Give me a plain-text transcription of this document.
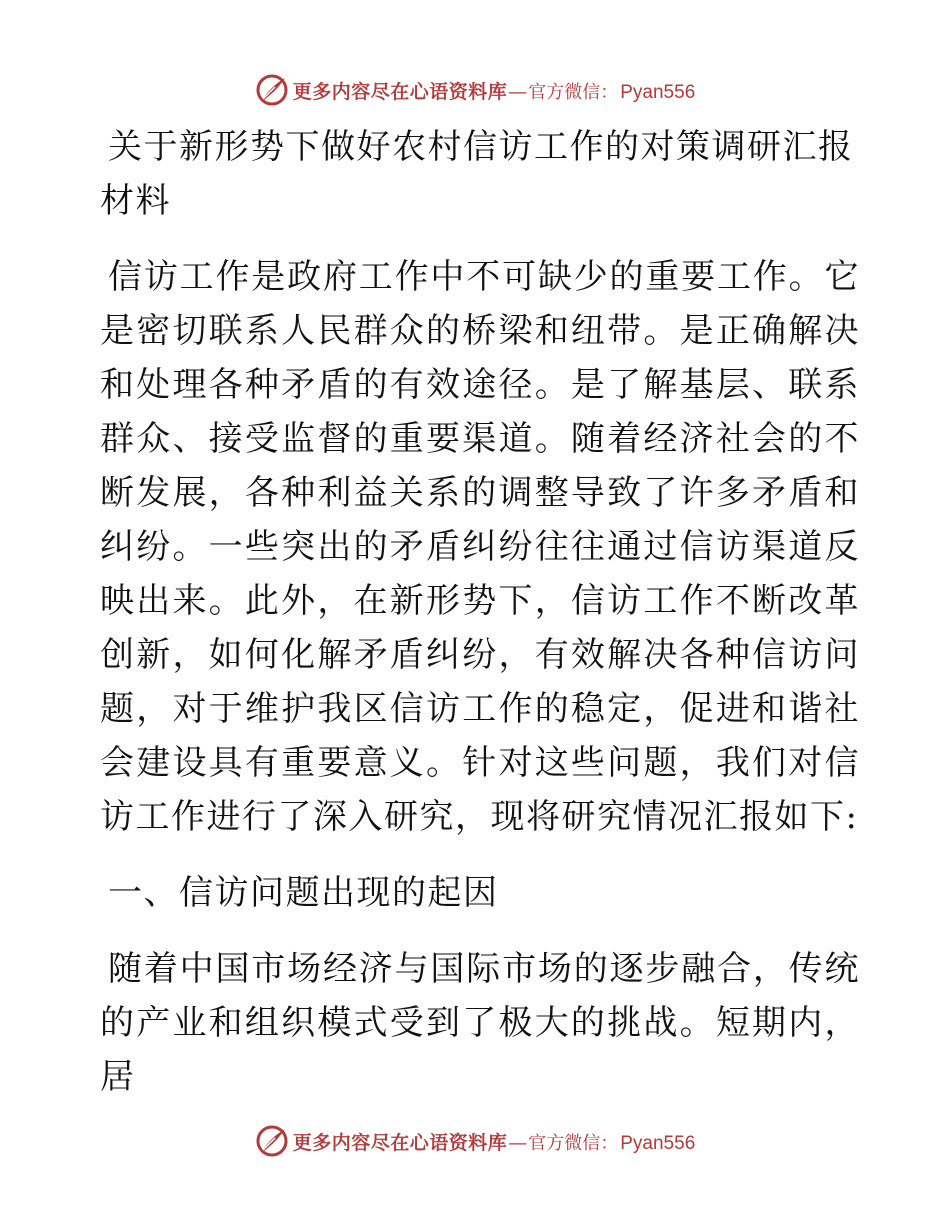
更多内容尽在心语资料库 — 官方微信： Pyan556
关于新形势下做好农村信访工作的对策调研汇报材料

信访工作是政府工作中不可缺少的重要工作。它是密切联系人民群众的桥梁和纽带。是正确解决和处理各种矛盾的有效途径。是了解基层、联系群众、接受监督的重要渠道。随着经济社会的不断发展，各种利益关系的调整导致了许多矛盾和纠纷。一些突出的矛盾纠纷往往通过信访渠道反映出来。此外，在新形势下，信访工作不断改革创新，如何化解矛盾纠纷，有效解决各种信访问题，对于维护我区信访工作的稳定，促进和谐社会建设具有重要意义。针对这些问题，我们对信访工作进行了深入研究，现将研究情况汇报如下:

一、信访问题出现的起因

随着中国市场经济与国际市场的逐步融合，传统的产业和组织模式受到了极大的挑战。短期内，居

更多内容尽在心语资料库 — 官方微信： Pyan556
